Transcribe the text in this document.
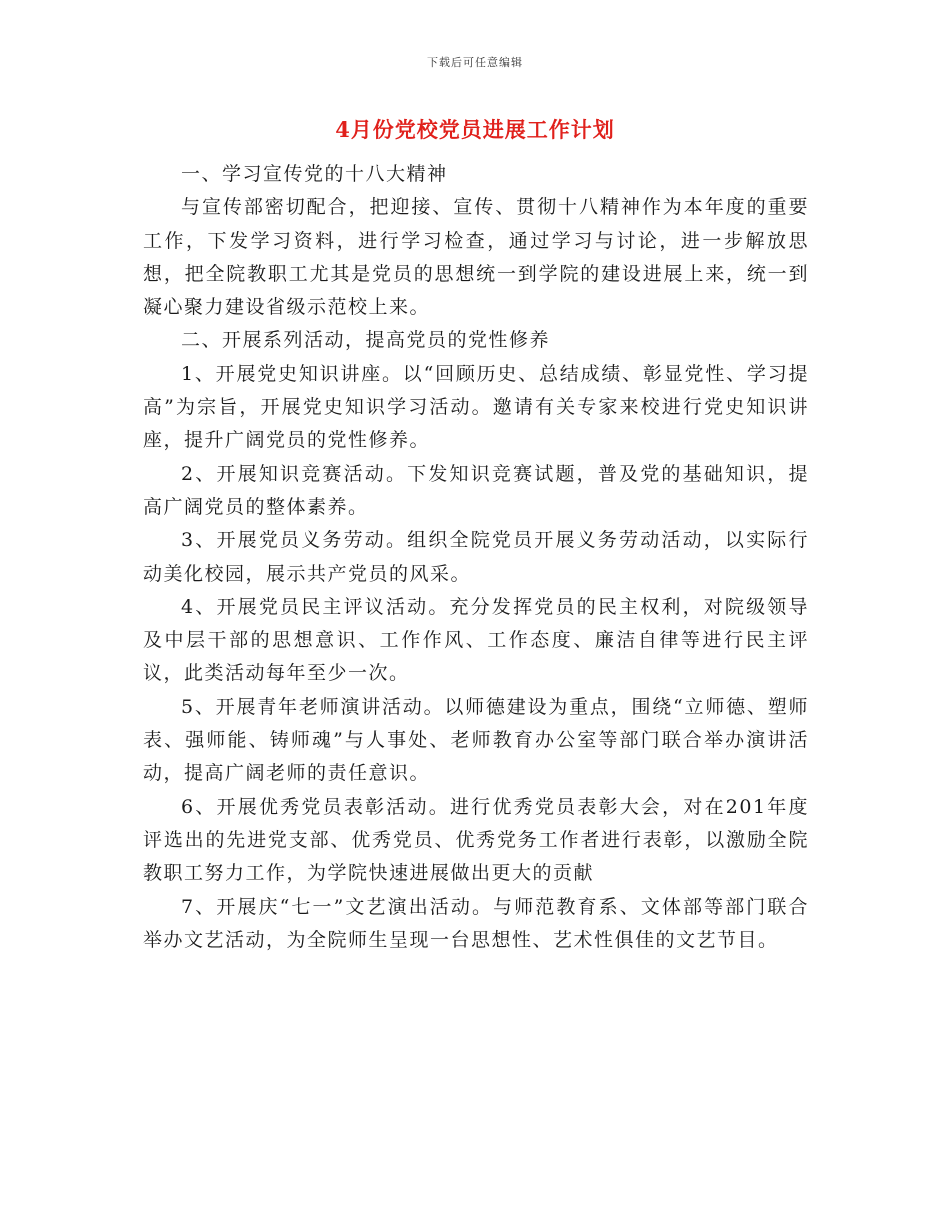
下载后可任意编辑
4月份党校党员进展工作计划

一、学习宣传党的十八大精神

与宣传部密切配合，把迎接、宣传、贯彻十八精神作为本年度的重要工作，下发学习资料，进行学习检查，通过学习与讨论，进一步解放思想，把全院教职工尤其是党员的思想统一到学院的建设进展上来，统一到凝心聚力建设省级示范校上来。

二、开展系列活动，提高党员的党性修养

1、开展党史知识讲座。以“回顾历史、总结成绩、彰显党性、学习提高”为宗旨，开展党史知识学习活动。邀请有关专家来校进行党史知识讲座，提升广阔党员的党性修养。

2、开展知识竞赛活动。下发知识竞赛试题，普及党的基础知识，提高广阔党员的整体素养。

3、开展党员义务劳动。组织全院党员开展义务劳动活动，以实际行动美化校园，展示共产党员的风采。

4、开展党员民主评议活动。充分发挥党员的民主权利，对院级领导及中层干部的思想意识、工作作风、工作态度、廉洁自律等进行民主评议，此类活动每年至少一次。

5、开展青年老师演讲活动。以师德建设为重点，围绕“立师德、塑师表、强师能、铸师魂”与人事处、老师教育办公室等部门联合举办演讲活动，提高广阔老师的责任意识。

6、开展优秀党员表彰活动。进行优秀党员表彰大会，对在201年度评选出的先进党支部、优秀党员、优秀党务工作者进行表彰，以激励全院教职工努力工作，为学院快速进展做出更大的贡献

7、开展庆“七一”文艺演出活动。与师范教育系、文体部等部门联合举办文艺活动，为全院师生呈现一台思想性、艺术性俱佳的文艺节目。
